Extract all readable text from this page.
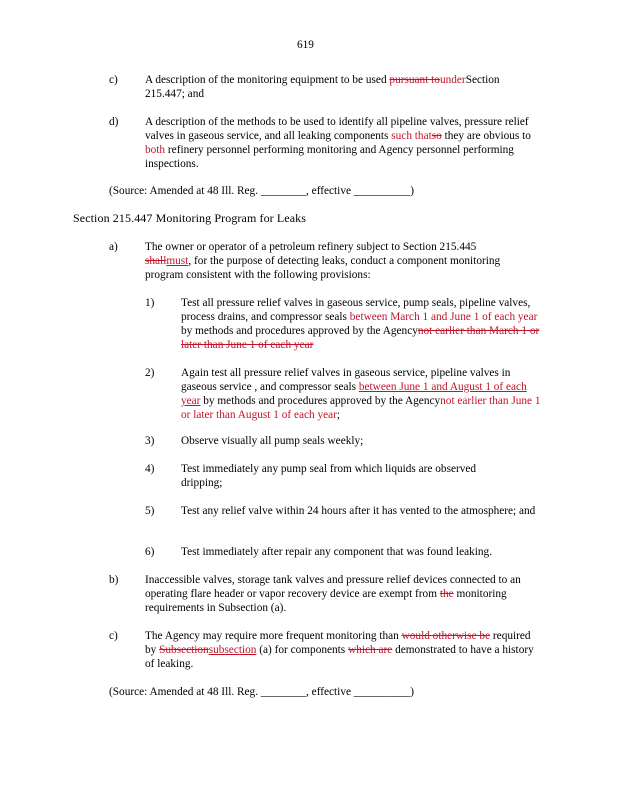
619
c) A description of the monitoring equipment to be used pursuant tounderSection 215.447; and
d) A description of the methods to be used to identify all pipeline valves, pressure relief valves in gaseous service, and all leaking components such thatso they are obvious to both refinery personnel performing monitoring and Agency personnel performing inspections.
(Source: Amended at 48 Ill. Reg. ________, effective __________)
Section 215.447 Monitoring Program for Leaks
a) The owner or operator of a petroleum refinery subject to Section 215.445 shallmust, for the purpose of detecting leaks, conduct a component monitoring program consistent with the following provisions:
1) Test all pressure relief valves in gaseous service, pump seals, pipeline valves, process drains, and compressor seals between March 1 and June 1 of each year by methods and procedures approved by the Agencynot earlier than March 1 or later than June 1 of each year
2) Again test all pressure relief valves in gaseous service, pipeline valves in gaseous service , and compressor seals between June 1 and August 1 of each year by methods and procedures approved by the Agencynot earlier than June 1 or later than August 1 of each year;
3) Observe visually all pump seals weekly;
4) Test immediately any pump seal from which liquids are observed dripping;
5) Test any relief valve within 24 hours after it has vented to the atmosphere; and
6) Test immediately after repair any component that was found leaking.
b) Inaccessible valves, storage tank valves and pressure relief devices connected to an operating flare header or vapor recovery device are exempt from the monitoring requirements in Subsection (a).
c) The Agency may require more frequent monitoring than would otherwise be required by Subsectionsubsection (a) for components which are demonstrated to have a history of leaking.
(Source: Amended at 48 Ill. Reg. ________, effective __________)
